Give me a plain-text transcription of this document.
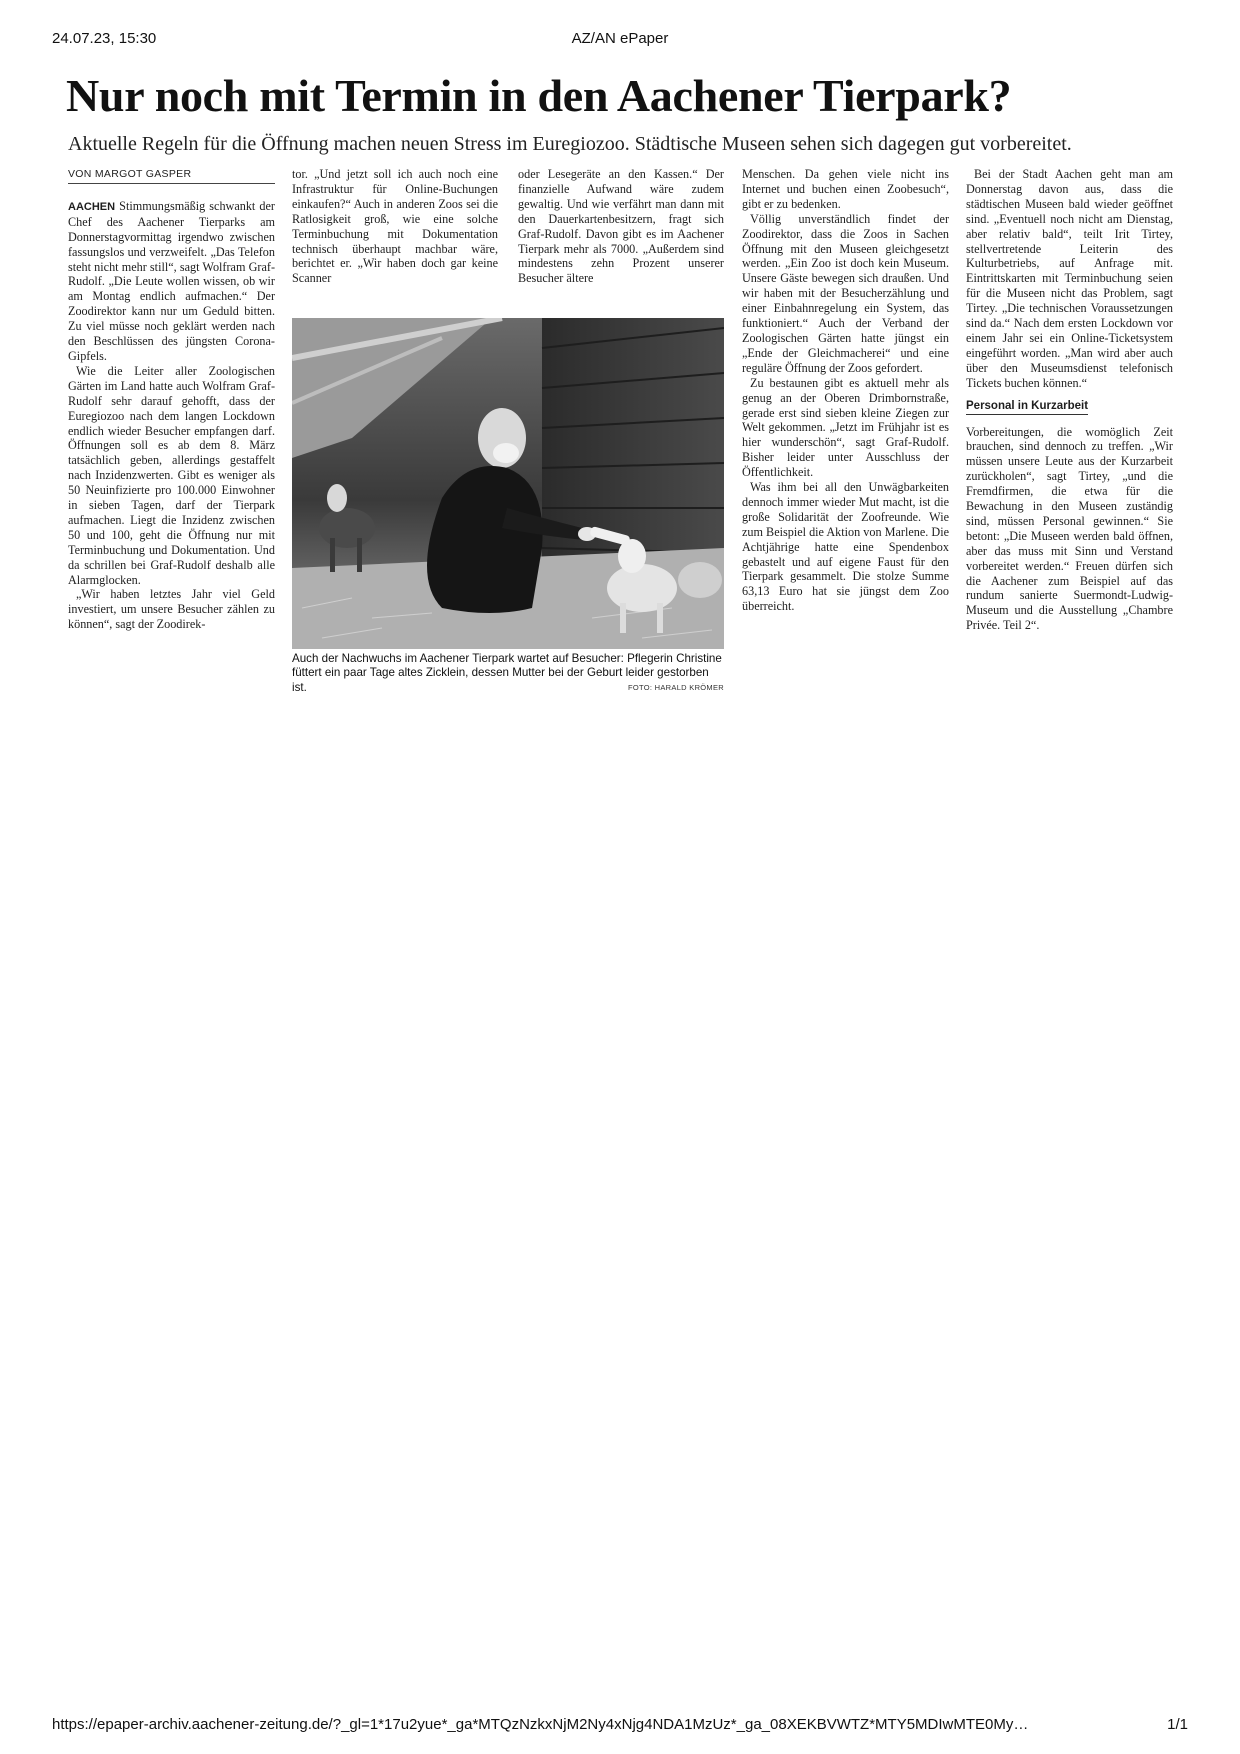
24.07.23, 15:30	AZ/AN ePaper
Nur noch mit Termin in den Aachener Tierpark?

Aktuelle Regeln für die Öffnung machen neuen Stress im Euregiozoo. Städtische Museen sehen sich dagegen gut vorbereitet.

VON MARGOT GASPER

AACHEN Stimmungsmäßig schwankt der Chef des Aachener Tierparks am Donnerstagvormittag irgendwo zwischen fassungslos und verzweifelt. „Das Telefon steht nicht mehr still“, sagt Wolfram Graf-Rudolf. „Die Leute wollen wissen, ob wir am Montag endlich aufmachen.“ Der Zoodirektor kann nur um Geduld bitten. Zu viel müsse noch geklärt werden nach den Beschlüssen des jüngsten Corona-Gipfels.

Wie die Leiter aller Zoologischen Gärten im Land hatte auch Wolfram Graf-Rudolf sehr darauf gehofft, dass der Euregiozoo nach dem langen Lockdown endlich wieder Besucher empfangen darf. Öffnungen soll es ab dem 8. März tatsächlich geben, allerdings gestaffelt nach Inzidenzwerten. Gibt es weniger als 50 Neuinfizierte pro 100.000 Einwohner in sieben Tagen, darf der Tierpark aufmachen. Liegt die Inzidenz zwischen 50 und 100, geht die Öffnung nur mit Terminbuchung und Dokumentation. Und da schrillen bei Graf-Rudolf deshalb alle Alarmglocken.

„Wir haben letztes Jahr viel Geld investiert, um unsere Besucher zählen zu können“, sagt der Zoodirek-

tor. „Und jetzt soll ich auch noch eine Infrastruktur für Online-Buchungen einkaufen?“ Auch in anderen Zoos sei die Ratlosigkeit groß, wie eine solche Terminbuchung mit Dokumentation technisch überhaupt machbar wäre, berichtet er. „Wir haben doch gar keine Scanner

oder Lesegeräte an den Kassen.“ Der finanzielle Aufwand wäre zudem gewaltig. Und wie verfährt man dann mit den Dauerkartenbesitzern, fragt sich Graf-Rudolf. Davon gibt es im Aachener Tierpark mehr als 7000. „Außerdem sind mindestens zehn Prozent unserer Besucher ältere

Auch der Nachwuchs im Aachener Tierpark wartet auf Besucher: Pflegerin Christine füttert ein paar Tage altes Zicklein, dessen Mutter bei der Geburt leider gestorben ist.	FOTO: HARALD KRÖMER

Menschen. Da gehen viele nicht ins Internet und buchen einen Zoobesuch“, gibt er zu bedenken.

Völlig unverständlich findet der Zoodirektor, dass die Zoos in Sachen Öffnung mit den Museen gleichgesetzt werden. „Ein Zoo ist doch kein Museum. Unsere Gäste bewegen sich draußen. Und wir haben mit der Besucherzählung und einer Einbahnregelung ein System, das funktioniert.“ Auch der Verband der Zoologischen Gärten hatte jüngst ein „Ende der Gleichmacherei“ und eine reguläre Öffnung der Zoos gefordert.

Zu bestaunen gibt es aktuell mehr als genug an der Oberen Drimbornstraße, gerade erst sind sieben kleine Ziegen zur Welt gekommen. „Jetzt im Frühjahr ist es hier wunderschön“, sagt Graf-Rudolf. Bisher leider unter Ausschluss der Öffentlichkeit.

Was ihm bei all den Unwägbarkeiten dennoch immer wieder Mut macht, ist die große Solidarität der Zoofreunde. Wie zum Beispiel die Aktion von Marlene. Die Achtjährige hatte eine Spendenbox gebastelt und auf eigene Faust für den Tierpark gesammelt. Die stolze Summe 63,13 Euro hat sie jüngst dem Zoo überreicht.

Bei der Stadt Aachen geht man am Donnerstag davon aus, dass die städtischen Museen bald wieder geöffnet sind. „Eventuell noch nicht am Dienstag, aber relativ bald“, teilt Irit Tirtey, stellvertretende Leiterin des Kulturbetriebs, auf Anfrage mit. Eintrittskarten mit Terminbuchung seien für die Museen nicht das Problem, sagt Tirtey. „Die technischen Voraussetzungen sind da.“ Nach dem ersten Lockdown vor einem Jahr sei ein Online-Ticketsystem eingeführt worden. „Man wird aber auch über den Museumsdienst telefonisch Tickets buchen können.“

Personal in Kurzarbeit

Vorbereitungen, die womöglich Zeit brauchen, sind dennoch zu treffen. „Wir müssen unsere Leute aus der Kurzarbeit zurückholen“, sagt Tirtey, „und die Fremdfirmen, die etwa für die Bewachung in den Museen zuständig sind, müssen Personal gewinnen.“ Sie betont: „Die Museen werden bald öffnen, aber das muss mit Sinn und Verstand vorbereitet werden.“ Freuen dürfen sich die Aachener zum Beispiel auf das rundum sanierte Suermondt-Ludwig-Museum und die Ausstellung „Chambre Privée. Teil 2“.

https://epaper-archiv.aachener-zeitung.de/?_gl=1*17u2yue*_ga*MTQzNzkxNjM2Ny4xNjg4NDA1MzUz*_ga_08XEKBVWTZ*MTY5MDIwMTE0My…	1/1
